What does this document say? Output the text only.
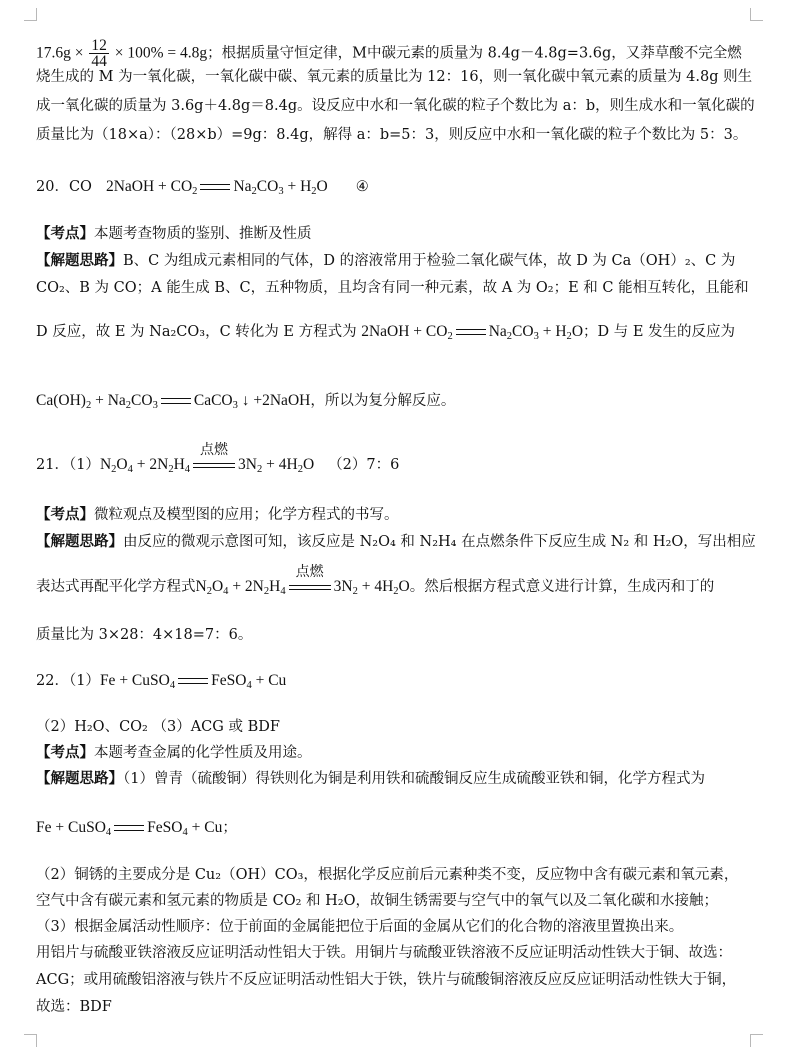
$17.6g \times \frac{12}{44} \times 100\% = 4.8g$；根据质量守恒定律，M中碳元素的质量为 8.4g－4.8g=3.6g，又莽草酸不完全燃
烧生成的 M 为一氧化碳，一氧化碳中碳、氧元素的质量比为 12：16，则一氧化碳中氧元素的质量为 4.8g 则生
成一氧化碳的质量为 3.6g＋4.8g＝8.4g。设反应中水和一氧化碳的粒子个数比为 a：b，则生成水和一氧化碳的
质量比为（18×a）：（28×b）=9g：8.4g，解得 a：b=5：3，则反应中水和一氧化碳的粒子个数比为 5：3。
20．CO 2NaOH + $CO_2$ $Na_2CO_3 + H_2O$ ④
【考点】本题考查物质的鉴别、推断及性质
【解题思路】B、C 为组成元素相同的气体，D 的溶液常用于检验二氧化碳气体，故 D 为 Ca（OH）₂、C 为
CO₂、B 为 CO；A 能生成 B、C，五种物质，且均含有同一种元素，故 A 为 O₂；E 和 C 能相互转化，且能和
D 反应，故 E 为 Na₂CO₃，C 转化为 E 方程式为 2NaOH + $CO_2$ $Na_2CO_3 + H_2O$；D 与 E 发生的反应为
$Ca(OH)_2 + Na_2CO_3$ CaCO$_3$ ↓ +2NaOH，所以为复分解反应。
21．$(1)N_2O_4 + 2N_2H_4$
点燃
$3N_2 + 4H_2O$ （2）7：6
【考点】微粒观点及模型图的应用；化学方程式的书写。
【解题思路】由反应的微观示意图可知，该反应是 N₂O₄ 和 N₂H₄ 在点燃条件下反应生成 N₂ 和 H₂O，写出相应
表达式再配平化学方程式$N_2O_4 + 2N_2H_4$
点燃
$3N_2 + 4H_2O$。然后根据方程式意义进行计算，生成丙和丁的
质量比为 3×28：4×18=7：6。
22．（1）Fe + CuSO$_4$ FeSO$_4$ + Cu
（2）H₂O、CO₂ （3）ACG 或 BDF
【考点】本题考查金属的化学性质及用途。
【解题思路】（1）曾青（硫酸铜）得铁则化为铜是利用铁和硫酸铜反应生成硫酸亚铁和铜，化学方程式为
Fe + CuSO$_4$ FeSO$_4$ + Cu；
（2）铜锈的主要成分是 Cu₂（OH）CO₃，根据化学反应前后元素种类不变，反应物中含有碳元素和氧元素，
空气中含有碳元素和氢元素的物质是 CO₂ 和 H₂O，故铜生锈需要与空气中的氧气以及二氧化碳和水接触；
（3）根据金属活动性顺序：位于前面的金属能把位于后面的金属从它们的化合物的溶液里置换出来。
用铝片与硫酸亚铁溶液反应证明活动性铝大于铁。用铜片与硫酸亚铁溶液不反应证明活动性铁大于铜、故选：
ACG；或用硫酸铝溶液与铁片不反应证明活动性铝大于铁，铁片与硫酸铜溶液反应反应证明活动性铁大于铜，
故选：BDF
